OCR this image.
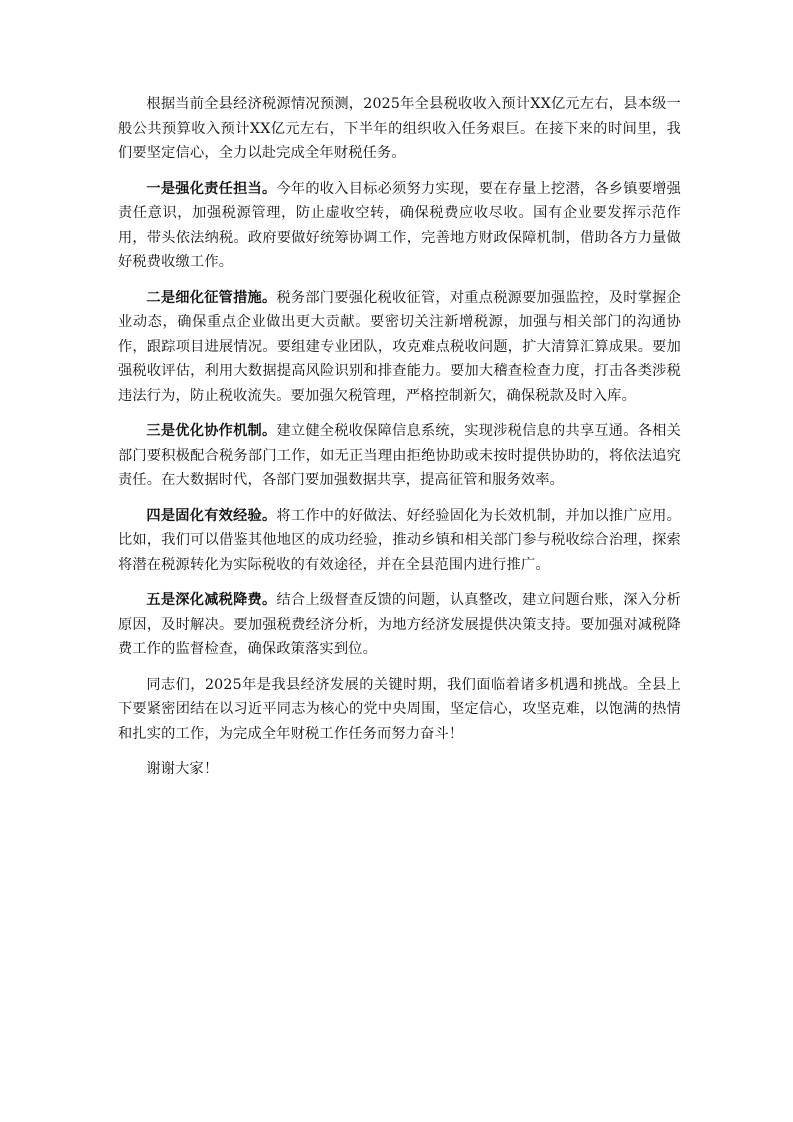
根据当前全县经济税源情况预测，2025年全县税收收入预计XX亿元左右，县本级一般公共预算收入预计XX亿元左右，下半年的组织收入任务艰巨。在接下来的时间里，我们要坚定信心，全力以赴完成全年财税任务。

一是强化责任担当。今年的收入目标必须努力实现，要在存量上挖潜，各乡镇要增强责任意识，加强税源管理，防止虚收空转，确保税费应收尽收。国有企业要发挥示范作用，带头依法纳税。政府要做好统筹协调工作，完善地方财政保障机制，借助各方力量做好税费收缴工作。

二是细化征管措施。税务部门要强化税收征管，对重点税源要加强监控，及时掌握企业动态，确保重点企业做出更大贡献。要密切关注新增税源，加强与相关部门的沟通协作，跟踪项目进展情况。要组建专业团队，攻克难点税收问题，扩大清算汇算成果。要加强税收评估，利用大数据提高风险识别和排查能力。要加大稽查检查力度，打击各类涉税违法行为，防止税收流失。要加强欠税管理，严格控制新欠，确保税款及时入库。

三是优化协作机制。建立健全税收保障信息系统，实现涉税信息的共享互通。各相关部门要积极配合税务部门工作，如无正当理由拒绝协助或未按时提供协助的，将依法追究责任。在大数据时代，各部门要加强数据共享，提高征管和服务效率。

四是固化有效经验。将工作中的好做法、好经验固化为长效机制，并加以推广应用。比如，我们可以借鉴其他地区的成功经验，推动乡镇和相关部门参与税收综合治理，探索将潜在税源转化为实际税收的有效途径，并在全县范围内进行推广。

五是深化减税降费。结合上级督查反馈的问题，认真整改，建立问题台账，深入分析原因，及时解决。要加强税费经济分析，为地方经济发展提供决策支持。要加强对减税降费工作的监督检查，确保政策落实到位。

同志们，2025年是我县经济发展的关键时期，我们面临着诸多机遇和挑战。全县上下要紧密团结在以习近平同志为核心的党中央周围，坚定信心，攻坚克难，以饱满的热情和扎实的工作，为完成全年财税工作任务而努力奋斗！

谢谢大家！
